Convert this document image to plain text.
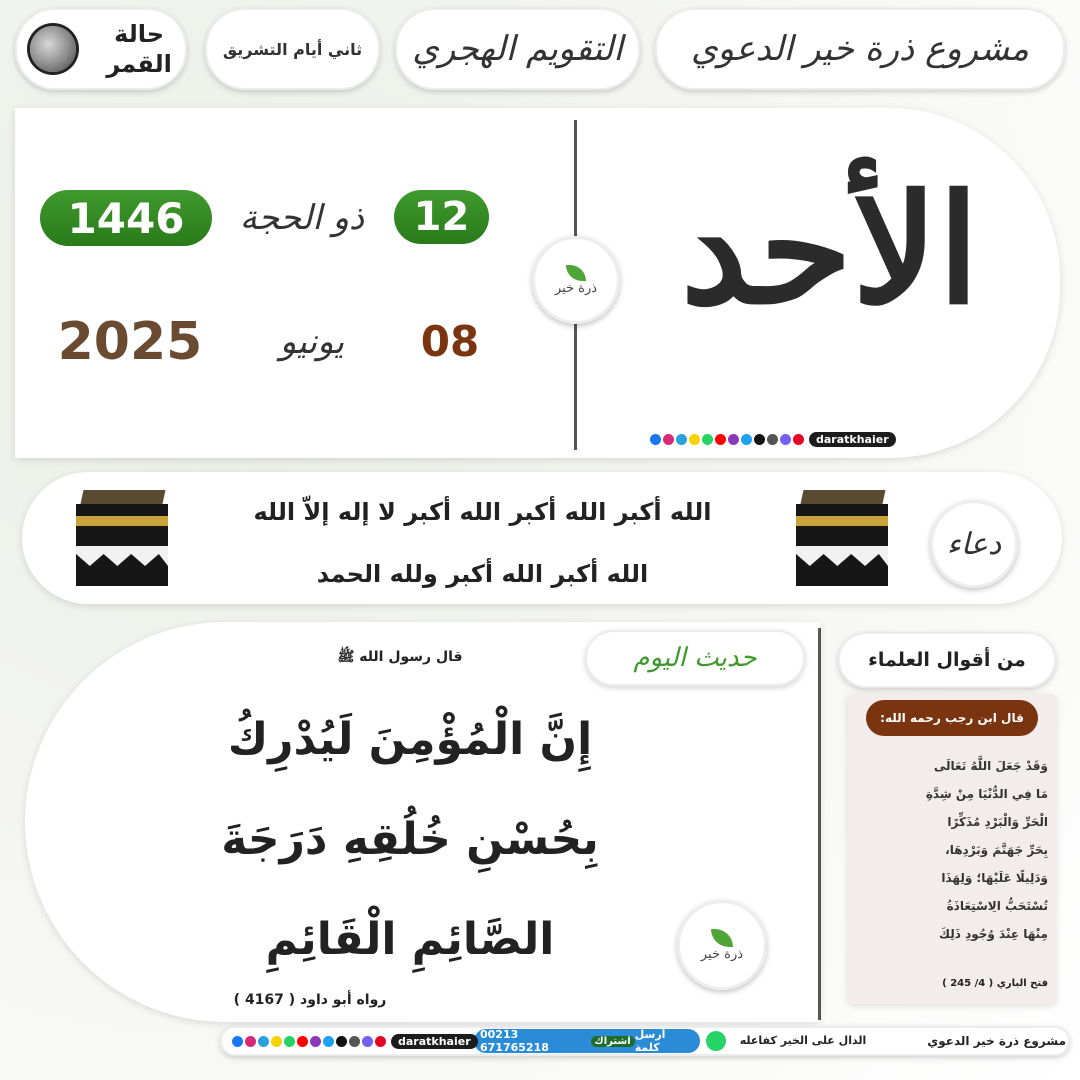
مشروع ذرة خير الدعوي
التقويم الهجري
ثاني أيام التشريق
حالة
القمر
الأحد
ذرة خير
12
ذو الحجة
1446
08
يونيو
2025
daratkhaier
دعاء
الله أكبر الله أكبر الله أكبر لا إله إلاّ الله
الله أكبر الله أكبر ولله الحمد
حديث اليوم
قال رسول الله ﷺ
إِنَّ الْمُؤْمِنَ لَيُدْرِكُ
بِحُسْنِ خُلُقِهِ دَرَجَةَ
الصَّائِمِ الْقَائِمِ
رواه أبو داود ( 4167 )
ذرة خير
من أقوال العلماء
قال ابن رجب رحمه الله:
وَقَدْ جَعَلَ اللَّهُ تَعَالَى
مَا فِي الدُّنْيَا مِنْ شِدَّةِ
الْحَرِّ وَالْبَرْدِ مُذَكِّرًا
بِحَرِّ جَهَنَّمَ وَبَرْدِهَا،
وَدَلِيلًا عَلَيْهَا؛ وَلِهَذَا
تُسْتَحَبُّ الِاسْتِعَاذَةُ
مِنْهَا عِنْدَ وُجُودِ ذَلِكَ
فتح الباري ( 4/ 245 )
مشروع ذرة خير الدعوي
الدال على الخير كفاعله
00213 671765218	اشتراك أرسل كلمة
daratkhaier
